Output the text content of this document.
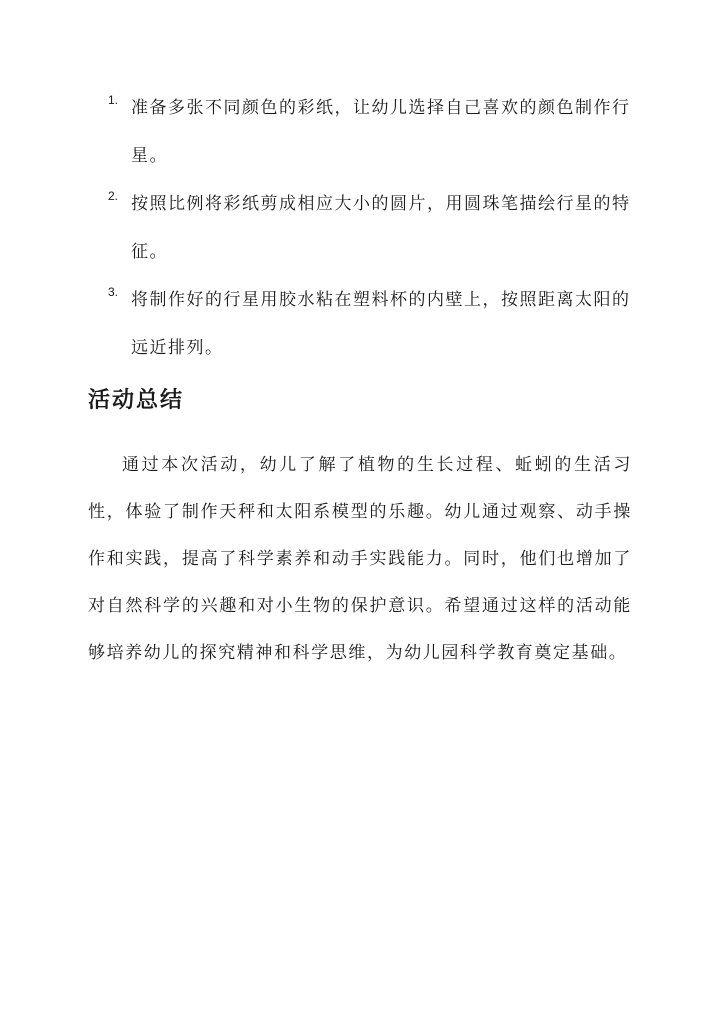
1. 准备多张不同颜色的彩纸，让幼儿选择自己喜欢的颜色制作行星。
2. 按照比例将彩纸剪成相应大小的圆片，用圆珠笔描绘行星的特征。
3. 将制作好的行星用胶水粘在塑料杯的内壁上，按照距离太阳的远近排列。
活动总结

通过本次活动，幼儿了解了植物的生长过程、蚯蚓的生活习性，体验了制作天秤和太阳系模型的乐趣。幼儿通过观察、动手操作和实践，提高了科学素养和动手实践能力。同时，他们也增加了对自然科学的兴趣和对小生物的保护意识。希望通过这样的活动能够培养幼儿的探究精神和科学思维，为幼儿园科学教育奠定基础。
